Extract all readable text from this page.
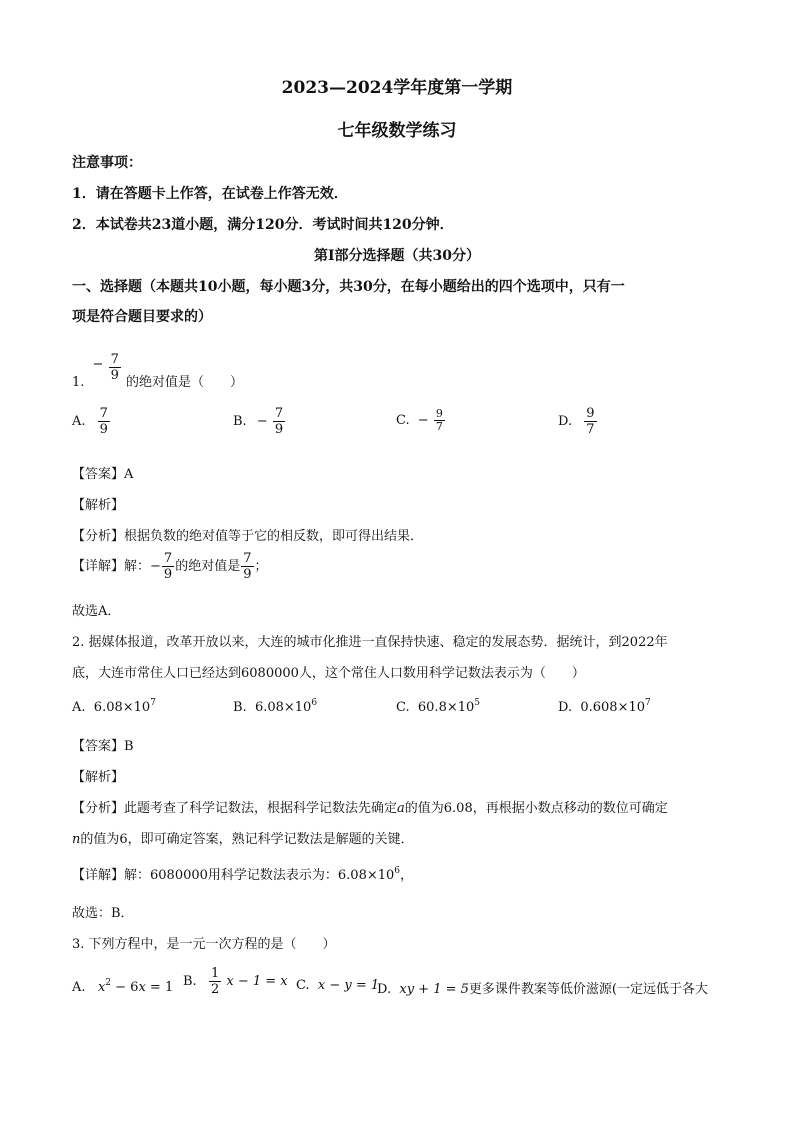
2023—2024学年度第一学期
七年级数学练习
注意事项：
1．请在答题卡上作答，在试卷上作答无效．
2．本试卷共23道小题，满分120分．考试时间共120分钟．
第I部分选择题（共30分）
一、选择题（本题共10小题，每小题3分，共30分，在每小题给出的四个选项中，只有一
项是符合题目要求的）
1. − $\frac{7}{9}$ 的绝对值是（　　）
A. $\frac{7}{9}$	B. − $\frac{7}{9}$	C. − $\frac{9}{7}$	D. $\frac{9}{7}$
【答案】A
【解析】
【分析】根据负数的绝对值等于它的相反数，即可得出结果．
【详解】解：− $\frac{7}{9}$ 的绝对值是 $\frac{7}{9}$ ；
故选A．
2. 据媒体报道，改革开放以来，大连的城市化推进一直保持快速、稳定的发展态势．据统计，到2022年
底，大连市常住人口已经达到6080000人，这个常住人口数用科学记数法表示为（　　）
A. $6.08\times 10^7$	B. $6.08\times 10^6$	C. $60.8\times 10^5$	D. $0.608\times 10^7$
【答案】B
【解析】
【分析】此题考查了科学记数法，根据科学记数法先确定a的值为6.08，再根据小数点移动的数位可确定
n的值为6，即可确定答案，熟记科学记数法是解题的关键．
【详解】解：6080000用科学记数法表示为：$6.08\times 10^6$，
故选：B．
3. 下列方程中，是一元一次方程的是（　　）
A. $x^2 - 6x = 1$ B. $\frac{1}{2}$ x − 1 = x C. x − y = 1
D. xy + 1 = 5更多课件教案等低价滋源(一定远低于各大
